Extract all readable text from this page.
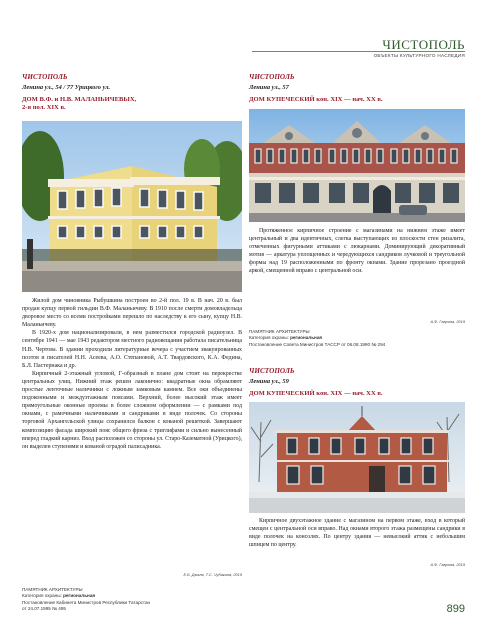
ЧИСТОПОЛЬ
ОБЪЕКТЫ КУЛЬТУРНОГО НАСЛЕДИЯ
ЧИСТОПОЛЬ
Ленина ул., 54 / 77 Урицкого ул.
ДОМ В.Ф. и Н.В. МАЛАНЬИЧЕВЫХ,
2-я пол. XIX в.

Жилой дом чиновника Рыбушкина построен во 2-й пол. 19 в. В нач. 20 в. был продан купцу первой гильдии В.Ф. Маланьичеву. В 1910 после смерти домовладельца дворовое место со всеми постройками перешло по наследству к его сыну, купцу Н.В. Маланьичеву.

В 1920-х дом национализировали, в нем разместился городской радиоузел. В сентябре 1941 — мае 1943 редактором местного радиовещания работала писательница Н.В. Чертова. В здании проходили литературные вечера с участием эвакуированных поэтов и писателей Н.Н. Асеева, А.О. Степановой, А.Т. Твардовского, К.А. Федина, Б.Л. Пастернака и др.

Кирпичный 2-этажный угловой, Г-образный в плане дом стоит на перекрестке центральных улиц. Нижний этаж решен лаконично: квадратные окна обрамляют простые ленточные наличники с ложным замковым камнем. Все оки объединены подоконными и междуэтажным поясами. Верхний, более высокий этаж имеет прямоугольные оконные проемы в более сложном оформлении — с рамками под окнами, с рамочными наличниками и сандриками в виде полочек. Со стороны торговой Архангельской улицы сохранился балкон с ковaной решеткой. Завершают композицию фасада широкий пояс общего фриза с триглифами и сильно вынесенный вперед гладкий карниз. Вход расположен со стороны ул. Старо-Казематной (Урицкого), он выделен ступенями и кованой оградой палисадника.

Е.Б. Джаля, Т.С. Чубакина, 2019
ПАМЯТНИК АРХИТЕКТУРЫ
Категория охраны: региональная
Постановление Кабинета Министров Республики Татарстан
от 24.07.1995 № 495
ЧИСТОПОЛЬ
Ленина ул., 57
ДОМ КУПЕЧЕСКИЙ кон. XIX — нач. XX в.

Протяженное кирпичное строение с магазинами на нижнем этаже имеет центральный и два идентичных, слегка выступающих из плоскости стен ризалита, отмеченных фигурными аттиками с люкарнами. Доминирующий декоративный мотив — аркатура уплощенных и чередующихся сандриков лучковой и треугольной формы над 19 расположенными по фронту окнами. Здание прорезано проездной аркой, смещенной вправо с центральной оси.

А.Ф. Гаврина, 2019
ПАМЯТНИК АРХИТЕКТУРЫ
Категория охраны: региональная
Постановление Совета Министров ТАССР от 06.08.1990 № 294
ЧИСТОПОЛЬ
Ленина ул., 59
ДОМ КУПЕЧЕСКИЙ кон. XIX — нач. XX в.

Кирпичное двухэтажное здание с магазином на первом этаже, вход в который смещен с центральной оси вправо. Над окнами второго этажа размещены сандрики в виде полочек на консолях. По центру здания — невысокий аттик с небольшим шпицем по центру.

А.Ф. Гаврина, 2019
899
